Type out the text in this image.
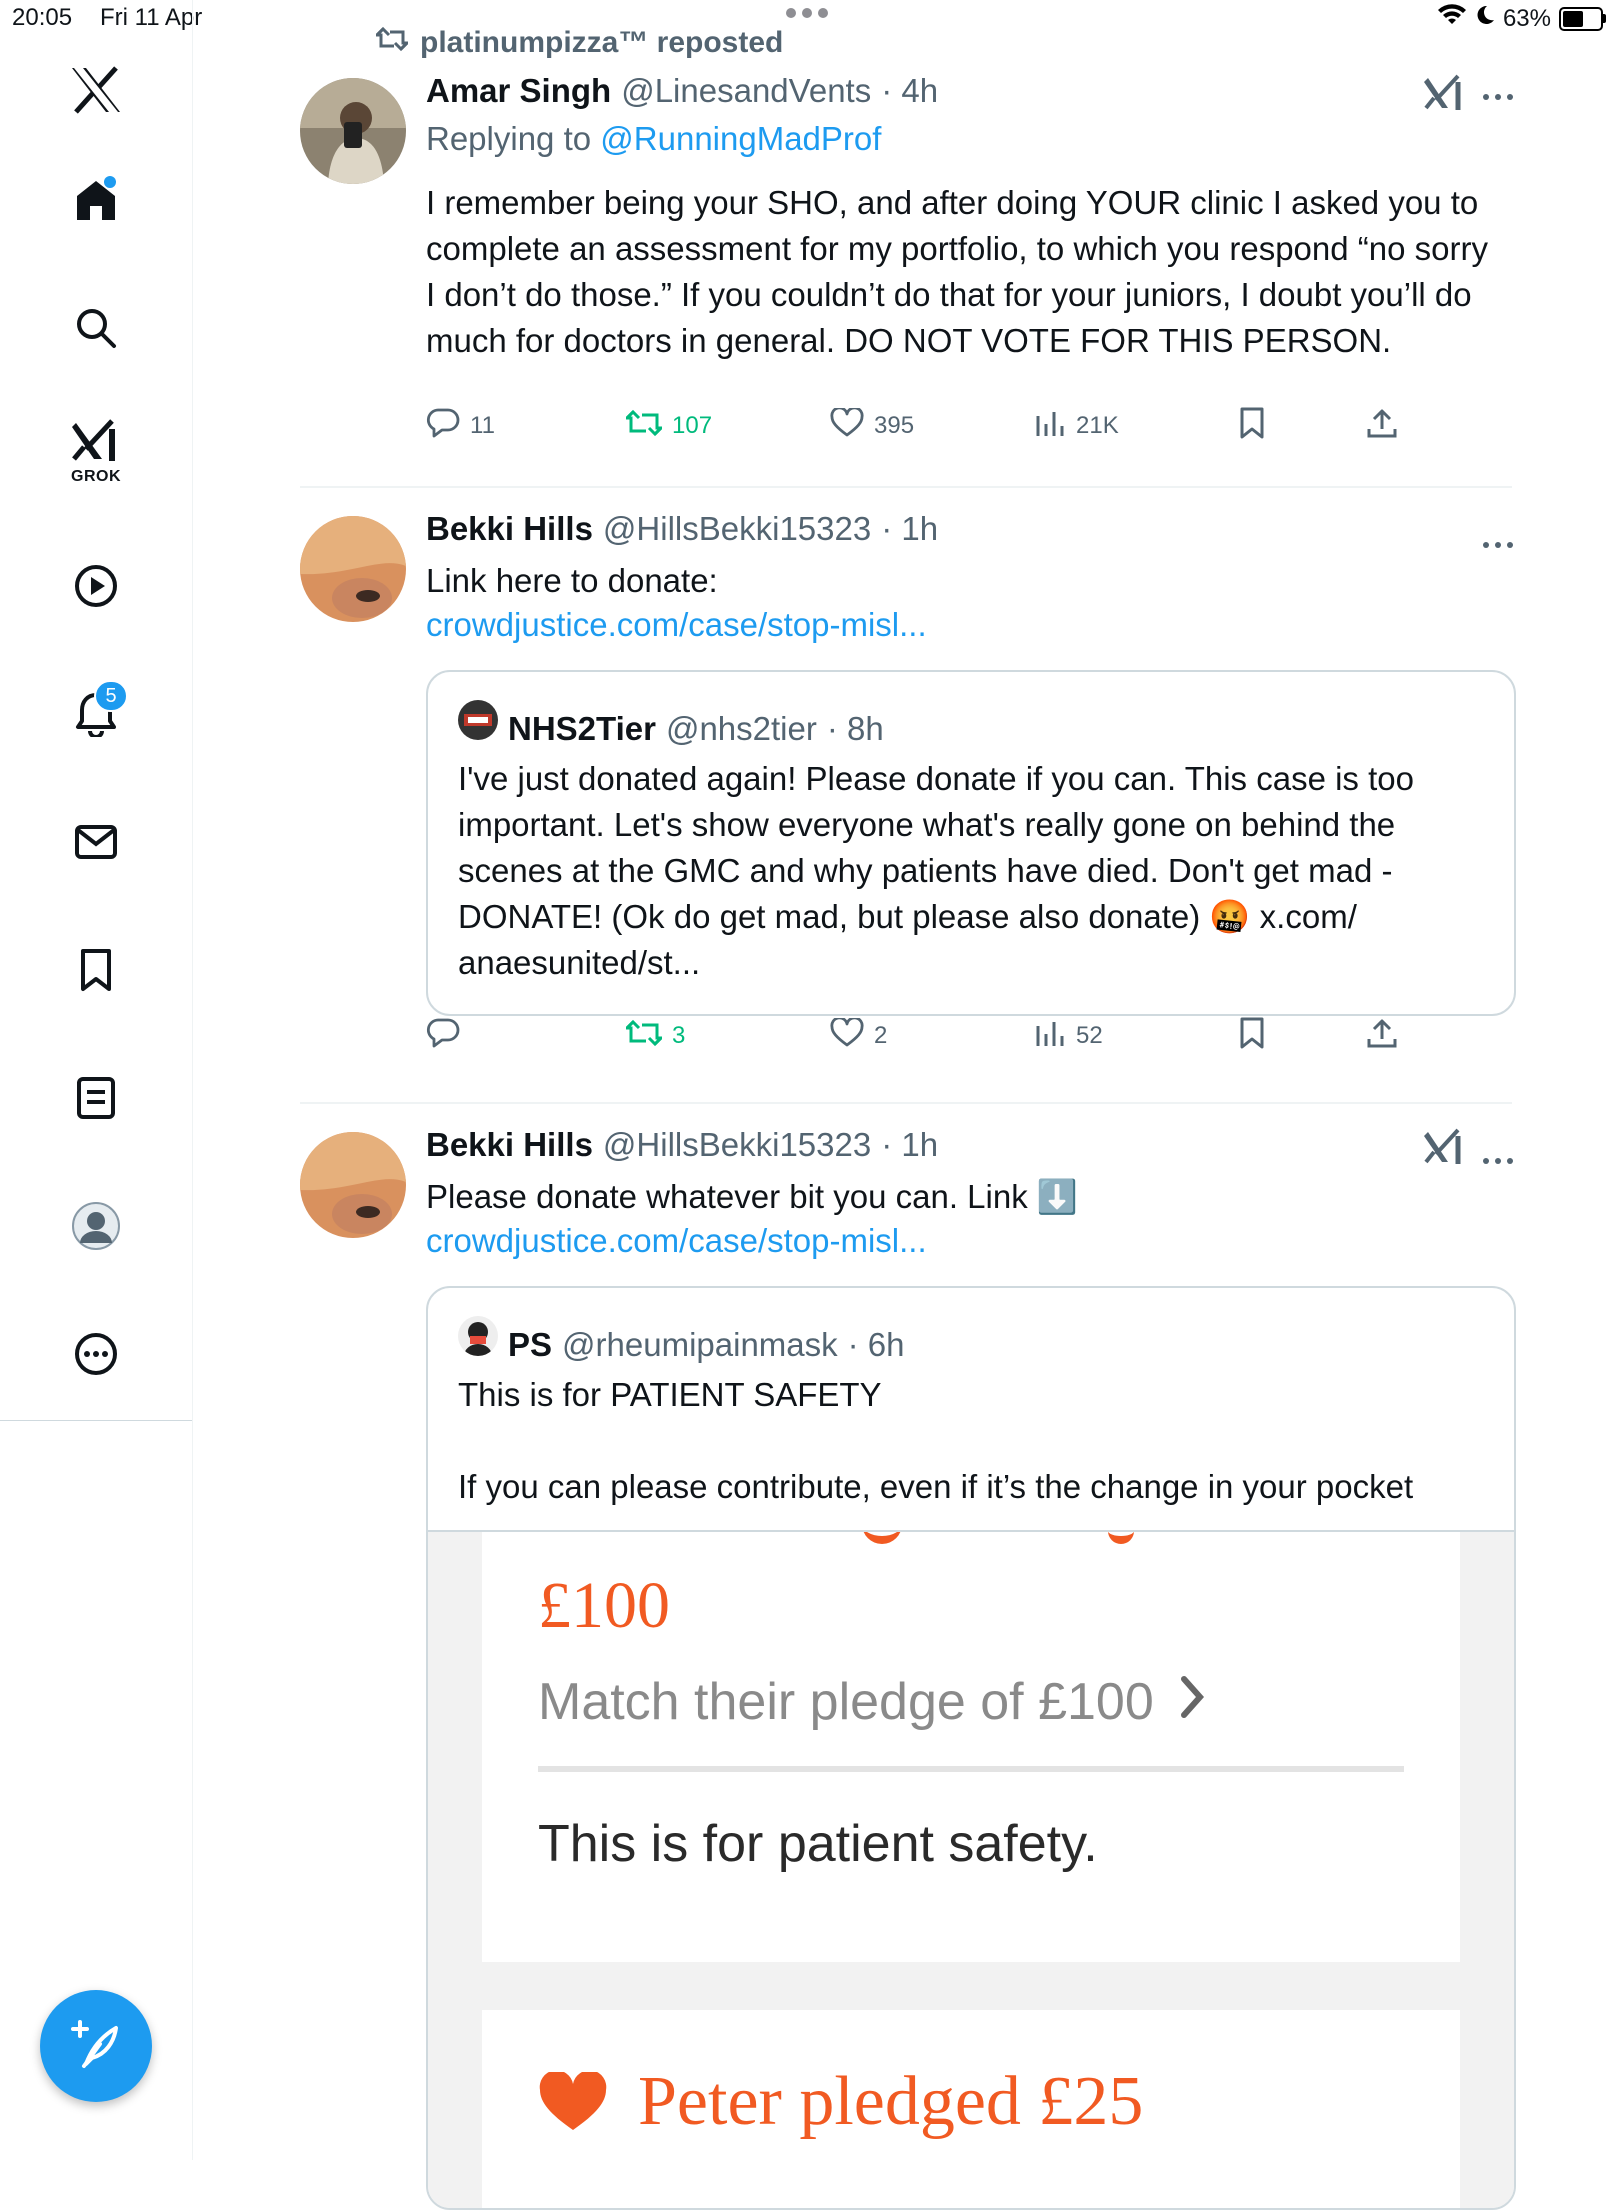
20:05 Fri 11 Apr	63%
GROK
5
platinumpizza™ reposted
Amar Singh @LinesandVents · 4h
Replying to @RunningMadProf
I remember being your SHO, and after doing YOUR clinic I asked you to complete an assessment for my portfolio, to which you respond “no sorry I don’t do those.” If you couldn’t do that for your juniors, I doubt you’ll do much for doctors in general. DO NOT VOTE FOR THIS PERSON.
11	107	395	21K
Bekki Hills @HillsBekki15323 · 1h
Link here to donate:
crowdjustice.com/case/stop-misl...
NHS2Tier @nhs2tier · 8h
I've just donated again! Please donate if you can. This case is too important. Let's show everyone what's really gone on behind the scenes at the GMC and why patients have died. Don't get mad - DONATE! (Ok do get mad, but please also donate) 🤬 x.com/ anaesunited/st...
3	2	52
Bekki Hills @HillsBekki15323 · 1h
Please donate whatever bit you can. Link ⬇️
crowdjustice.com/case/stop-misl...
PS @rheumipainmask · 6h
This is for PATIENT SAFETY
If you can please contribute, even if it’s the change in your pocket
£100
Match their pledge of £100
This is for patient safety.
Peter pledged £25
